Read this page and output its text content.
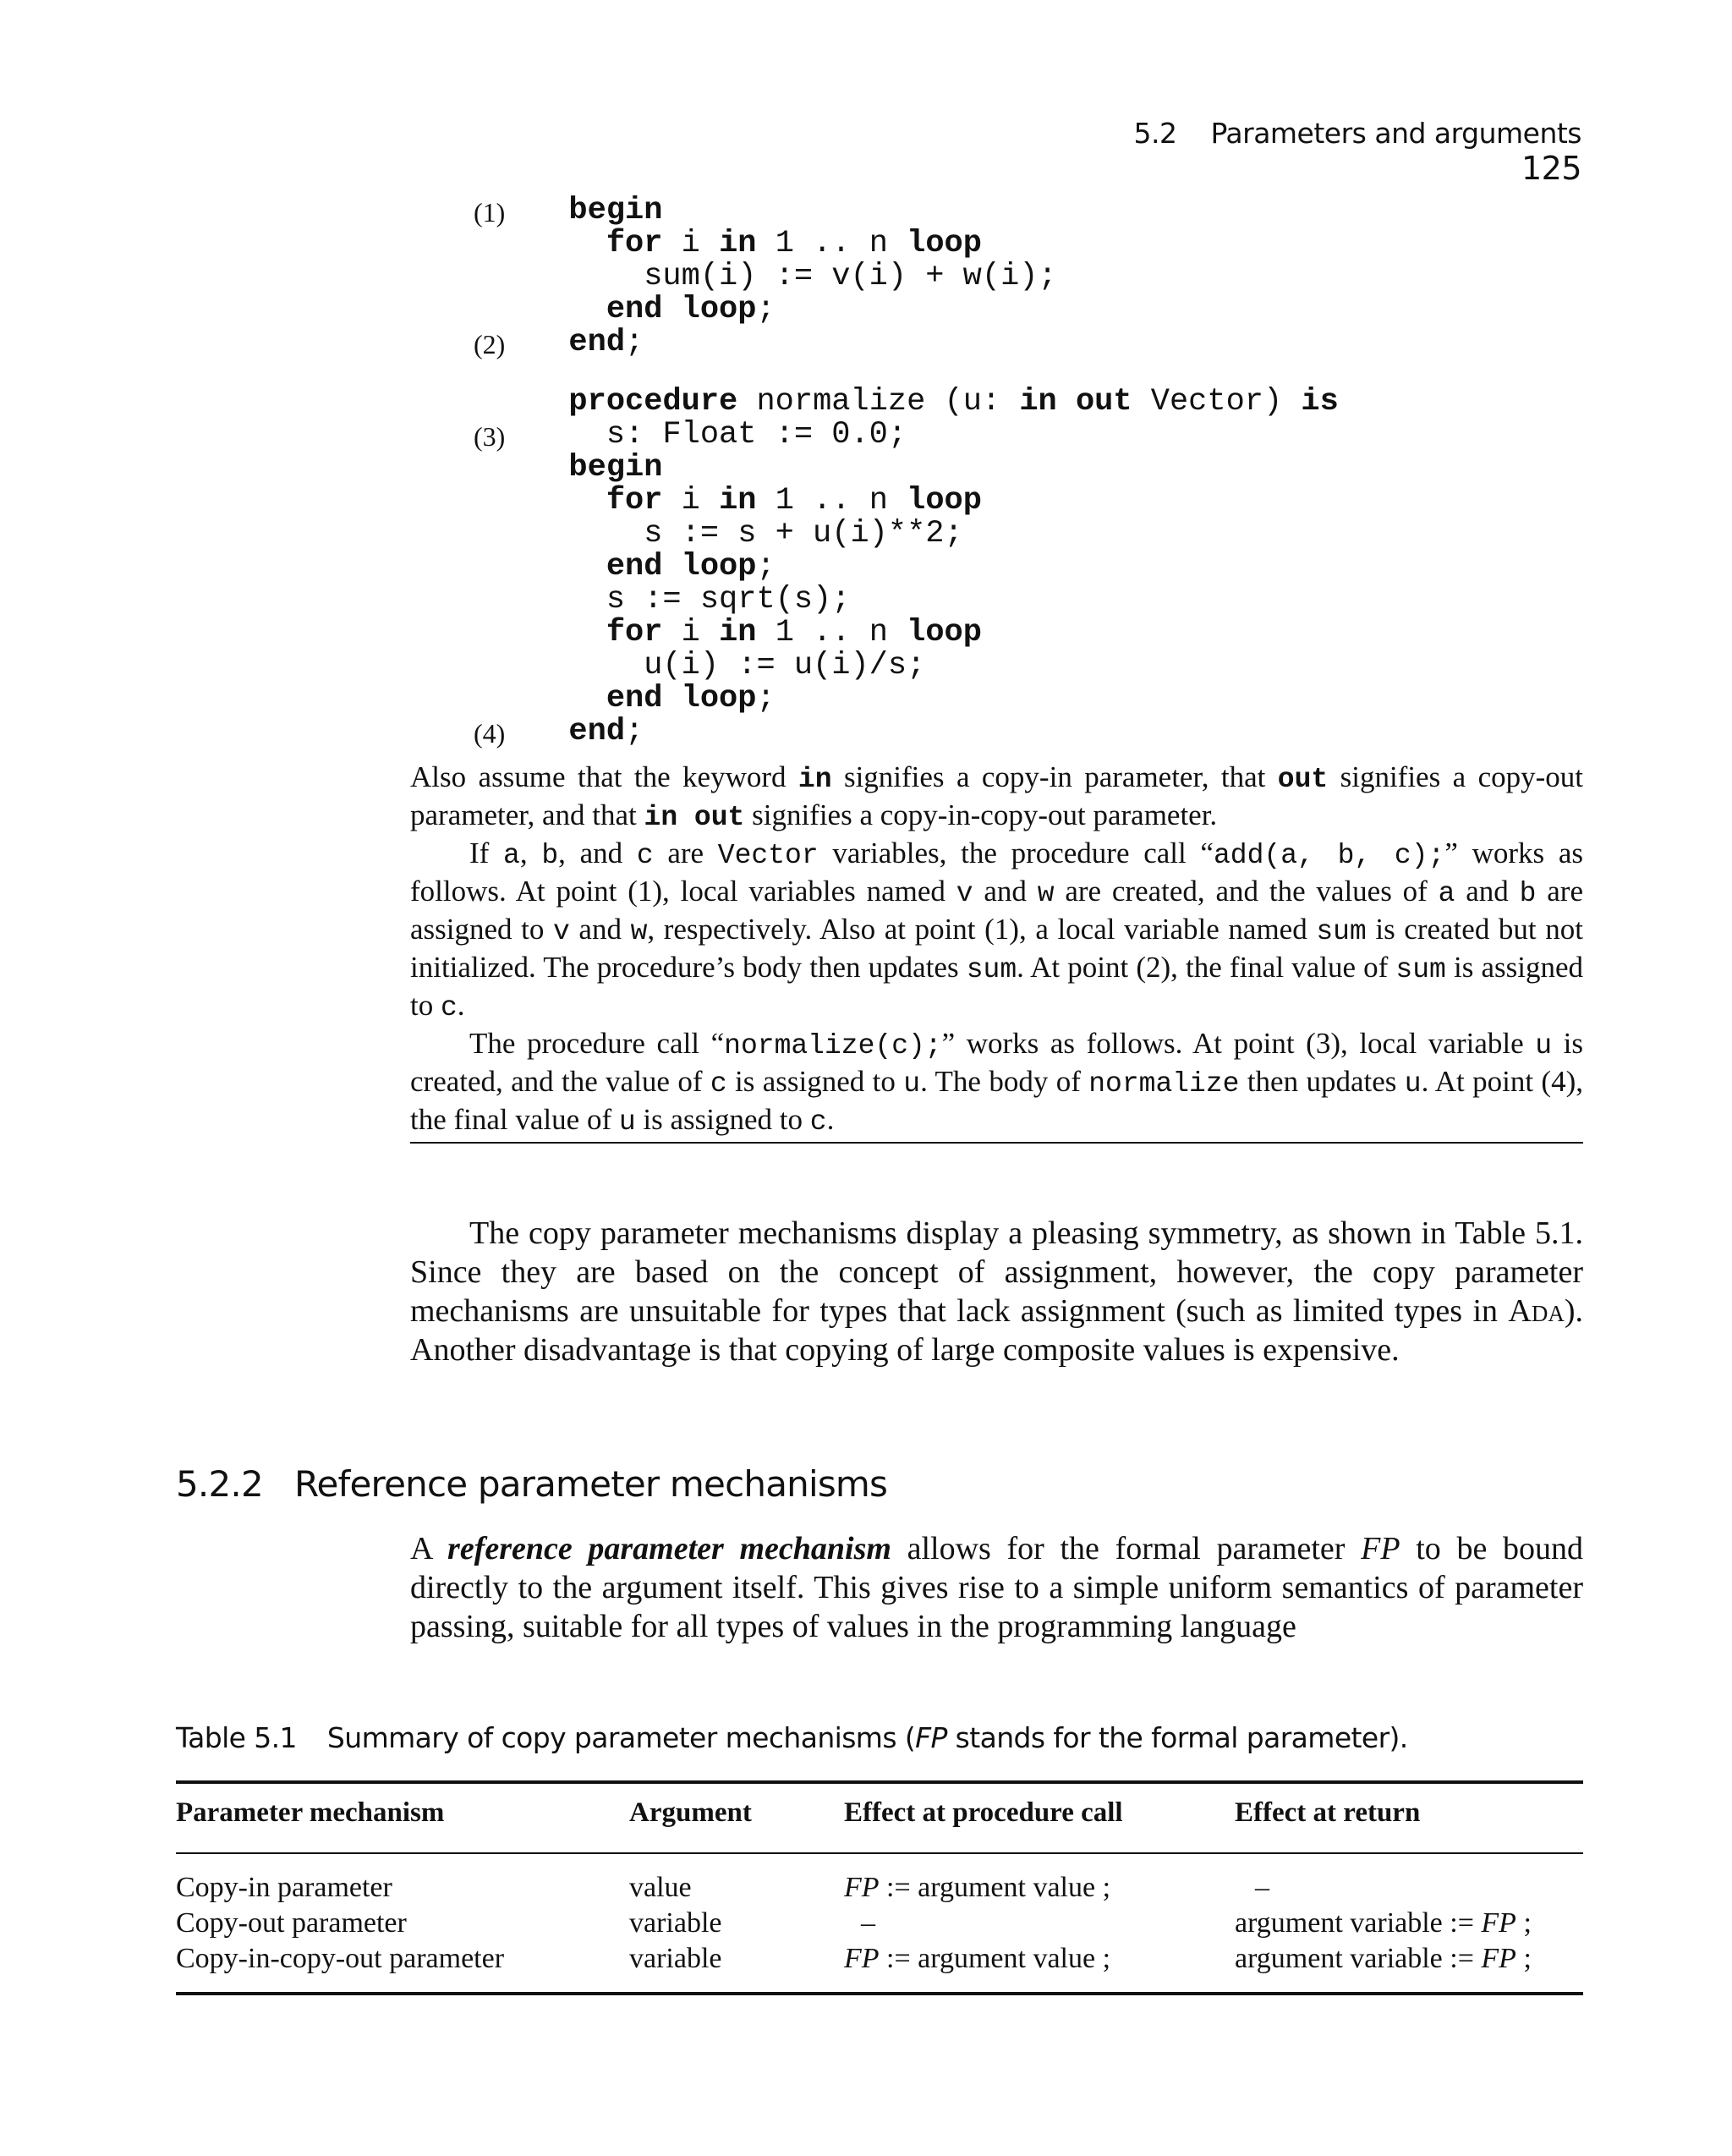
5.2 Parameters and arguments 125
(1)	begin
for i in 1 .. n loop
sum(i) := v(i) + w(i);
end loop;
(2)	end;
procedure normalize (u: in out Vector) is
(3) s: Float := 0.0;
begin
for i in 1 .. n loop
s := s + u(i)**2;
end loop;
s := sqrt(s);
for i in 1 .. n loop
u(i) := u(i)/s;
end loop;
(4)	end;

Also assume that the keyword in signifies a copy-in parameter, that out signifies a copy-out parameter, and that in out signifies a copy-in-copy-out parameter.

If a, b, and c are Vector variables, the procedure call “add(a, b, c);” works as follows. At point (1), local variables named v and w are created, and the values of a and b are assigned to v and w, respectively. Also at point (1), a local variable named sum is created but not initialized. The procedure’s body then updates sum. At point (2), the final value of sum is assigned to c.

The procedure call “normalize(c);” works as follows. At point (3), local variable u is created, and the value of c is assigned to u. The body of normalize then updates u. At point (4), the final value of u is assigned to c.

The copy parameter mechanisms display a pleasing symmetry, as shown in Table 5.1. Since they are based on the concept of assignment, however, the copy parameter mechanisms are unsuitable for types that lack assignment (such as limited types in Ada). Another disadvantage is that copying of large composite values is expensive.

5.2.2 Reference parameter mechanisms

A reference parameter mechanism allows for the formal parameter FP to be bound directly to the argument itself. This gives rise to a simple uniform semantics of parameter passing, suitable for all types of values in the programming language

Table 5.1 Summary of copy parameter mechanisms (FP stands for the formal parameter).
Parameter mechanism	Argument	Effect at procedure call	Effect at return
Copy-in parameter	value	FP := argument value ;	–
Copy-out parameter	variable	–	argument variable := FP ;
Copy-in-copy-out parameter	variable	FP := argument value ;	argument variable := FP ;
